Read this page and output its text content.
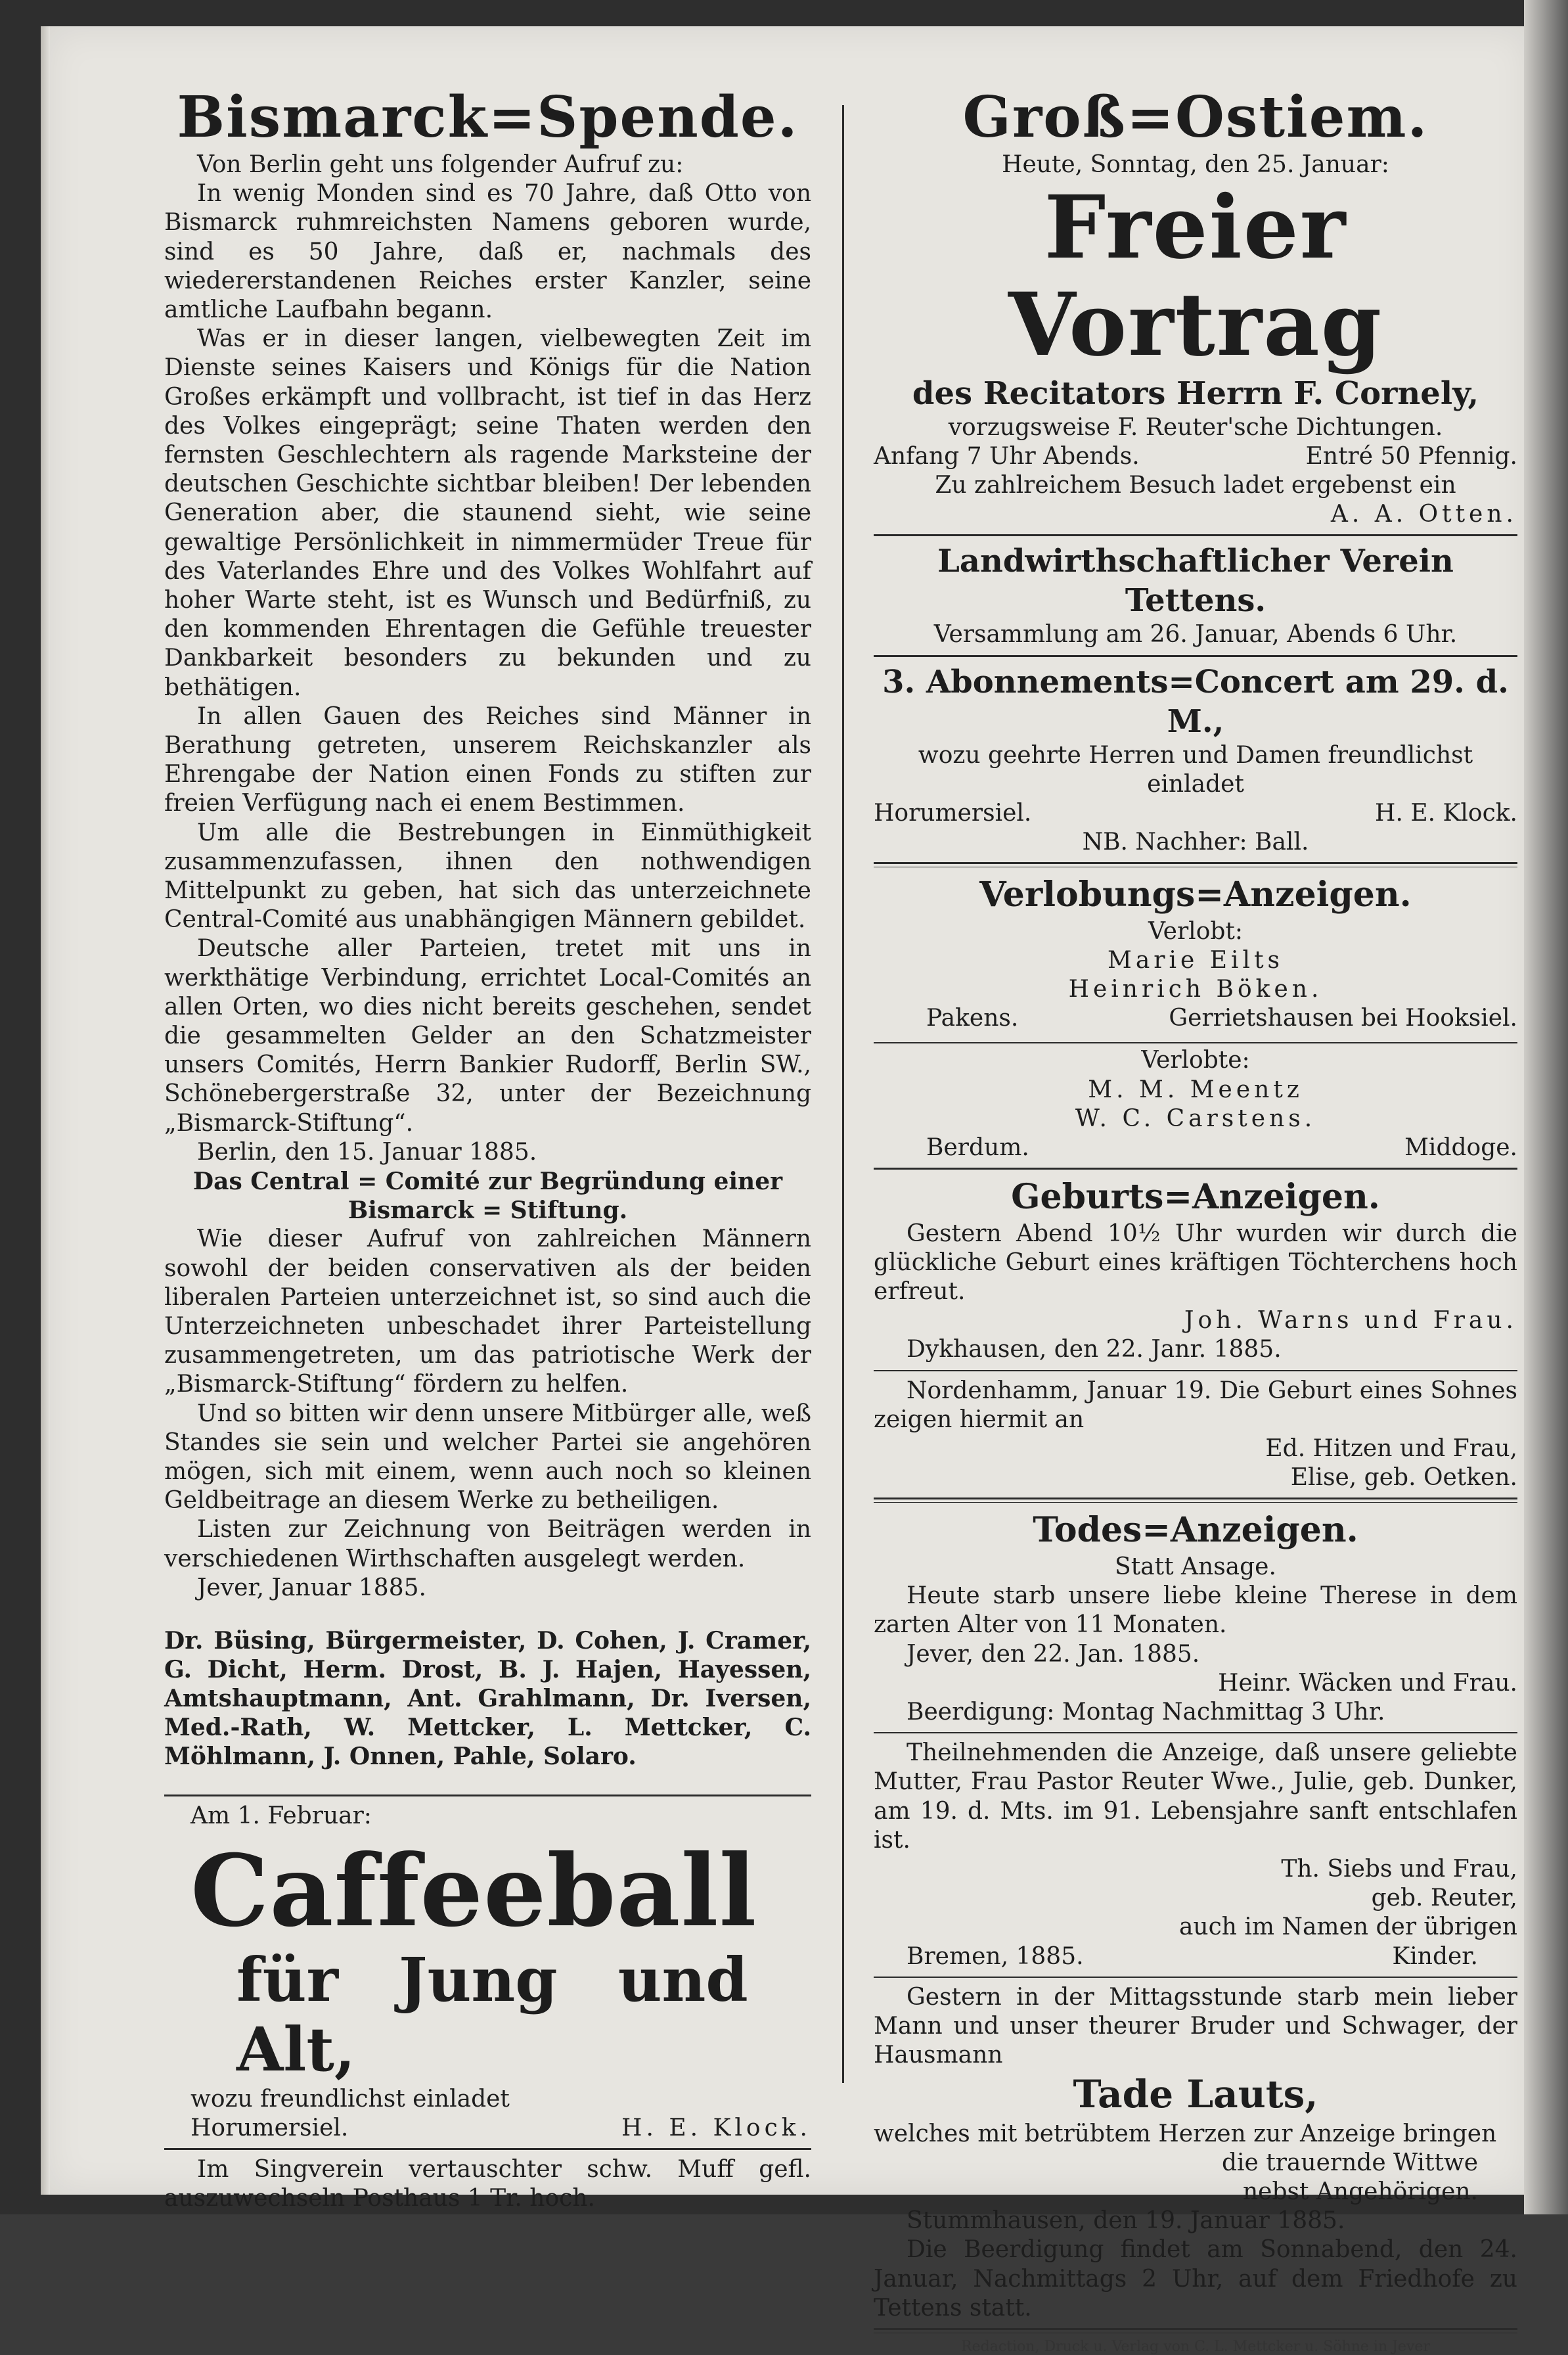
Bismarck=Spende.

Von Berlin geht uns folgender Aufruf zu:

In wenig Monden sind es 70 Jahre, daß Otto von Bismarck ruhmreichsten Namens geboren wurde, sind es 50 Jahre, daß er, nachmals des wiedererstandenen Reiches erster Kanzler, seine amtliche Laufbahn begann.

Was er in dieser langen, vielbewegten Zeit im Dienste seines Kaisers und Königs für die Nation Großes erkämpft und vollbracht, ist tief in das Herz des Volkes eingeprägt; seine Thaten werden den fernsten Geschlechtern als ragende Marksteine der deutschen Geschichte sichtbar bleiben! Der lebenden Generation aber, die staunend sieht, wie seine gewaltige Persönlichkeit in nimmermüder Treue für des Vaterlandes Ehre und des Volkes Wohlfahrt auf hoher Warte steht, ist es Wunsch und Bedürfniß, zu den kommenden Ehrentagen die Gefühle treuester Dankbarkeit besonders zu bekunden und zu bethätigen.

In allen Gauen des Reiches sind Männer in Berathung getreten, unserem Reichskanzler als Ehrengabe der Nation einen Fonds zu stiften zur freien Verfügung nach ei enem Bestimmen.

Um alle die Bestrebungen in Einmüthigkeit zusammenzufassen, ihnen den nothwendigen Mittelpunkt zu geben, hat sich das unterzeichnete Central-Comité aus unabhängigen Männern gebildet.

Deutsche aller Parteien, tretet mit uns in werkthätige Verbindung, errichtet Local-Comités an allen Orten, wo dies nicht bereits geschehen, sendet die gesammelten Gelder an den Schatzmeister unsers Comités, Herrn Bankier Rudorff, Berlin SW., Schönebergerstraße 32, unter der Bezeichnung „Bismarck-Stiftung“.

Berlin, den 15. Januar 1885.

Das Central = Comité zur Begründung einer Bismarck = Stiftung.

Wie dieser Aufruf von zahlreichen Männern sowohl der beiden conservativen als der beiden liberalen Parteien unterzeichnet ist, so sind auch die Unterzeichneten unbeschadet ihrer Parteistellung zusammengetreten, um das patriotische Werk der „Bismarck-Stiftung“ fördern zu helfen.

Und so bitten wir denn unsere Mitbürger alle, weß Standes sie sein und welcher Partei sie angehören mögen, sich mit einem, wenn auch noch so kleinen Geldbeitrage an diesem Werke zu betheiligen.

Listen zur Zeichnung von Beiträgen werden in verschiedenen Wirthschaften ausgelegt werden.

Jever, Januar 1885.

Dr. Büsing, Bürgermeister, D. Cohen, J. Cramer, G. Dicht, Herm. Drost, B. J. Hajen, Hayessen, Amtshauptmann, Ant. Grahlmann, Dr. Iversen, Med.-Rath, W. Mettcker, L. Mettcker, C. Möhlmann, J. Onnen, Pahle, Solaro.

Am 1. Februar:

Caffeeball
für Jung und Alt,

wozu freundlichst einladet

Horumersiel.	H. E. Klock.

Im Singverein vertauschter schw. Muff gefl. auszuwechseln Posthaus 1 Tr. hoch.

Groß=Ostiem.

Heute, Sonntag, den 25. Januar:

Freier Vortrag
des Recitators Herrn F. Cornely,

vorzugsweise F. Reuter'sche Dichtungen.

Anfang 7 Uhr Abends.	Entré 50 Pfennig.

Zu zahlreichem Besuch ladet ergebenst ein

A. A. Otten.

Landwirthschaftlicher Verein Tettens.

Versammlung am 26. Januar, Abends 6 Uhr.

3. Abonnements=Concert am 29. d. M.,

wozu geehrte Herren und Damen freundlichst einladet

Horumersiel.	H. E. Klock.

NB. Nachher: Ball.

Verlobungs=Anzeigen.

Verlobt:

Marie Eilts

Heinrich Böken.

Pakens.	Gerrietshausen bei Hooksiel.

Verlobte:

M. M. Meentz

W. C. Carstens.

Berdum.	Middoge.
Geburts=Anzeigen.

Gestern Abend 10½ Uhr wurden wir durch die glückliche Geburt eines kräftigen Töchterchens hoch erfreut.

Joh. Warns und Frau.

Dykhausen, den 22. Janr. 1885.

Nordenhamm, Januar 19. Die Geburt eines Sohnes zeigen hiermit an

Ed. Hitzen und Frau,

Elise, geb. Oetken.

Todes=Anzeigen.

Statt Ansage.

Heute starb unsere liebe kleine Therese in dem zarten Alter von 11 Monaten.

Jever, den 22. Jan. 1885.

Heinr. Wäcken und Frau.

Beerdigung: Montag Nachmittag 3 Uhr.

Theilnehmenden die Anzeige, daß unsere geliebte Mutter, Frau Pastor Reuter Wwe., Julie, geb. Dunker, am 19. d. Mts. im 91. Lebensjahre sanft entschlafen ist.

Th. Siebs und Frau,

geb. Reuter,

auch im Namen der übrigen

Bremen, 1885.	Kinder.

Gestern in der Mittagsstunde starb mein lieber Mann und unser theurer Bruder und Schwager, der Hausmann

Tade Lauts,

welches mit betrübtem Herzen zur Anzeige bringen

die trauernde Wittwe

nebst Angehörigen.

Stummhausen, den 19. Januar 1885.

Die Beerdigung findet am Sonnabend, den 24. Januar, Nachmittags 2 Uhr, auf dem Friedhofe zu Tettens statt.

Redaction, Druck u. Verlag von C. L. Mettcker u. Söhne in Jever
